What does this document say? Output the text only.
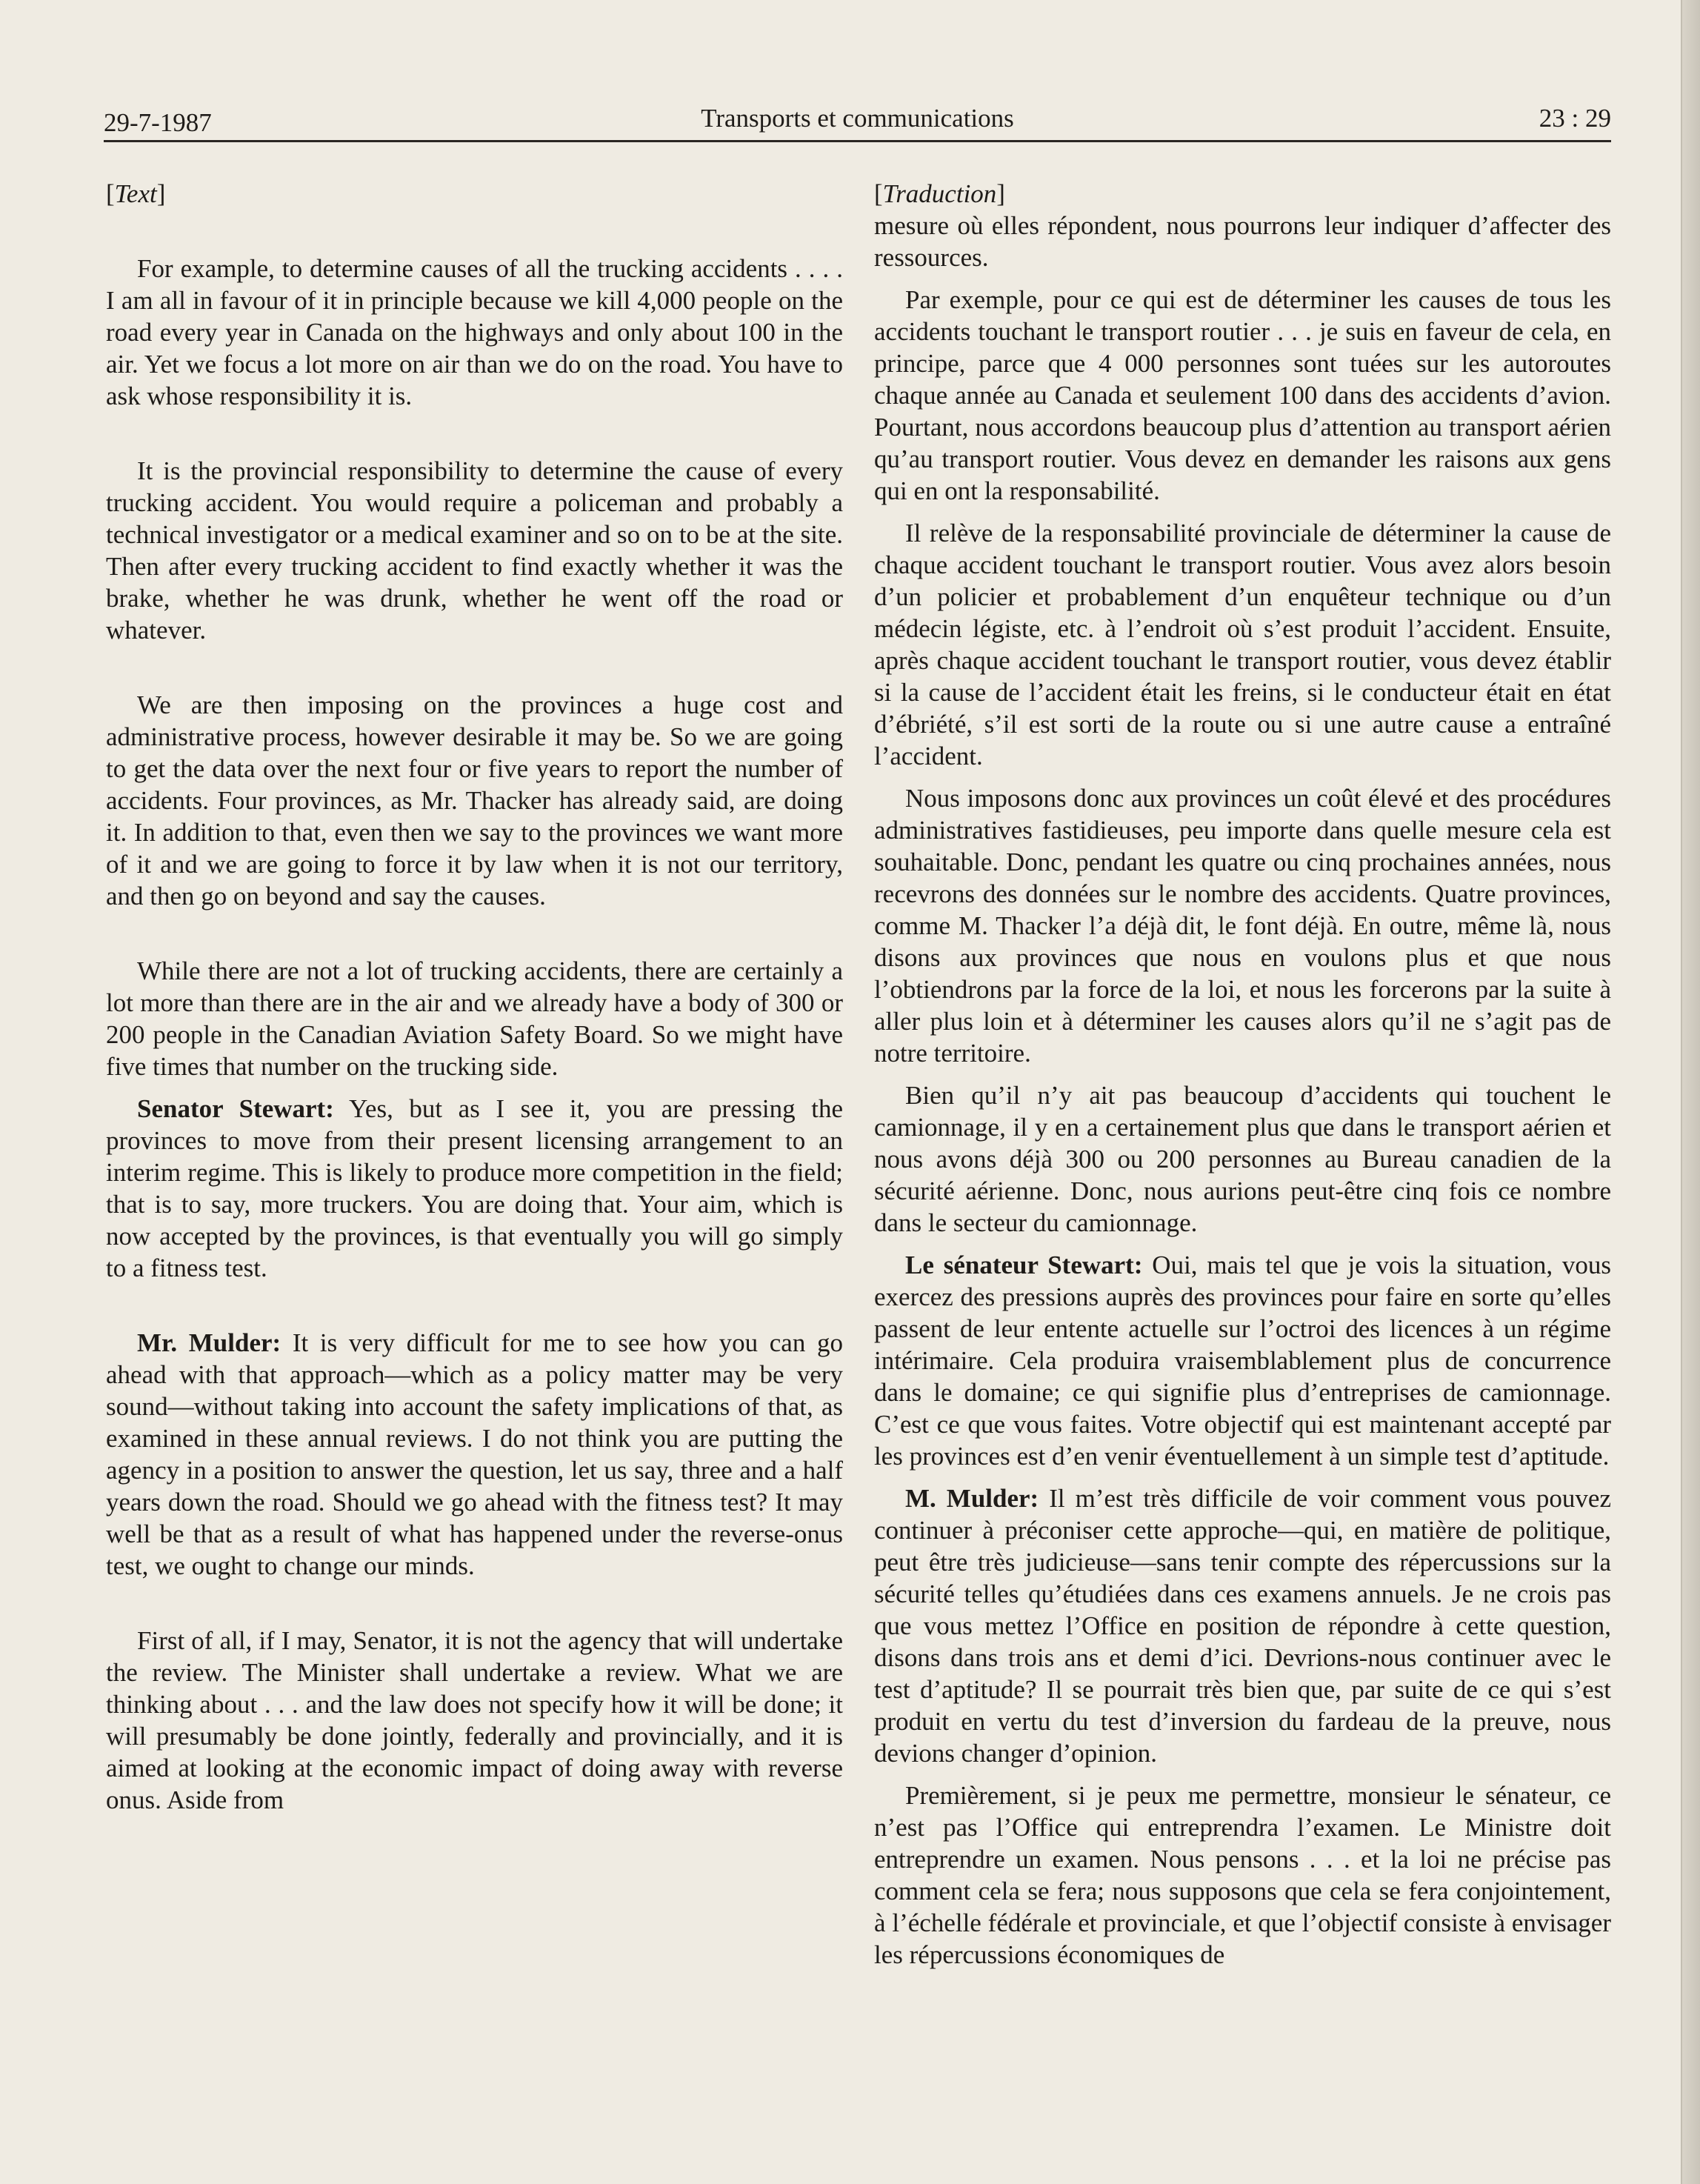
29-7-1987	Transports et communications	23 : 29
[Text]

For example, to determine causes of all the trucking accidents . . . . I am all in favour of it in principle because we kill 4,000 people on the road every year in Canada on the highways and only about 100 in the air. Yet we focus a lot more on air than we do on the road. You have to ask whose responsibility it is.

It is the provincial responsibility to determine the cause of every trucking accident. You would require a policeman and probably a technical investigator or a medical examiner and so on to be at the site. Then after every trucking accident to find exactly whether it was the brake, whether he was drunk, whether he went off the road or whatever.

We are then imposing on the provinces a huge cost and administrative process, however desirable it may be. So we are going to get the data over the next four or five years to report the number of accidents. Four provinces, as Mr. Thacker has already said, are doing it. In addition to that, even then we say to the provinces we want more of it and we are going to force it by law when it is not our territory, and then go on beyond and say the causes.

While there are not a lot of trucking accidents, there are certainly a lot more than there are in the air and we already have a body of 300 or 200 people in the Canadian Aviation Safety Board. So we might have five times that number on the trucking side.

Senator Stewart: Yes, but as I see it, you are pressing the provinces to move from their present licensing arrangement to an interim regime. This is likely to produce more competition in the field; that is to say, more truckers. You are doing that. Your aim, which is now accepted by the provinces, is that eventually you will go simply to a fitness test.

Mr. Mulder: It is very difficult for me to see how you can go ahead with that approach—which as a policy matter may be very sound—without taking into account the safety implications of that, as examined in these annual reviews. I do not think you are putting the agency in a position to answer the question, let us say, three and a half years down the road. Should we go ahead with the fitness test? It may well be that as a result of what has happened under the reverse-onus test, we ought to change our minds.

First of all, if I may, Senator, it is not the agency that will undertake the review. The Minister shall undertake a review. What we are thinking about . . . and the law does not specify how it will be done; it will presumably be done jointly, federally and provincially, and it is aimed at looking at the economic impact of doing away with reverse onus. Aside from

[Traduction]

mesure où elles répondent, nous pourrons leur indiquer d’affecter des ressources.

Par exemple, pour ce qui est de déterminer les causes de tous les accidents touchant le transport routier . . . je suis en faveur de cela, en principe, parce que 4 000 personnes sont tuées sur les autoroutes chaque année au Canada et seulement 100 dans des accidents d’avion. Pourtant, nous accordons beaucoup plus d’attention au transport aérien qu’au transport routier. Vous devez en demander les raisons aux gens qui en ont la responsabilité.

Il relève de la responsabilité provinciale de déterminer la cause de chaque accident touchant le transport routier. Vous avez alors besoin d’un policier et probablement d’un enquêteur technique ou d’un médecin légiste, etc. à l’endroit où s’est produit l’accident. Ensuite, après chaque accident touchant le transport routier, vous devez établir si la cause de l’accident était les freins, si le conducteur était en état d’ébriété, s’il est sorti de la route ou si une autre cause a entraîné l’accident.

Nous imposons donc aux provinces un coût élevé et des procédures administratives fastidieuses, peu importe dans quelle mesure cela est souhaitable. Donc, pendant les quatre ou cinq prochaines années, nous recevrons des données sur le nombre des accidents. Quatre provinces, comme M. Thacker l’a déjà dit, le font déjà. En outre, même là, nous disons aux provinces que nous en voulons plus et que nous l’obtiendrons par la force de la loi, et nous les forcerons par la suite à aller plus loin et à déterminer les causes alors qu’il ne s’agit pas de notre territoire.

Bien qu’il n’y ait pas beaucoup d’accidents qui touchent le camionnage, il y en a certainement plus que dans le transport aérien et nous avons déjà 300 ou 200 personnes au Bureau canadien de la sécurité aérienne. Donc, nous aurions peut-être cinq fois ce nombre dans le secteur du camionnage.

Le sénateur Stewart: Oui, mais tel que je vois la situation, vous exercez des pressions auprès des provinces pour faire en sorte qu’elles passent de leur entente actuelle sur l’octroi des licences à un régime intérimaire. Cela produira vraisemblablement plus de concurrence dans le domaine; ce qui signifie plus d’entreprises de camionnage. C’est ce que vous faites. Votre objectif qui est maintenant accepté par les provinces est d’en venir éventuellement à un simple test d’aptitude.

M. Mulder: Il m’est très difficile de voir comment vous pouvez continuer à préconiser cette approche—qui, en matière de politique, peut être très judicieuse—sans tenir compte des répercussions sur la sécurité telles qu’étudiées dans ces examens annuels. Je ne crois pas que vous mettez l’Office en position de répondre à cette question, disons dans trois ans et demi d’ici. Devrions-nous continuer avec le test d’aptitude? Il se pourrait très bien que, par suite de ce qui s’est produit en vertu du test d’inversion du fardeau de la preuve, nous devions changer d’opinion.

Premièrement, si je peux me permettre, monsieur le sénateur, ce n’est pas l’Office qui entreprendra l’examen. Le Ministre doit entreprendre un examen. Nous pensons . . . et la loi ne précise pas comment cela se fera; nous supposons que cela se fera conjointement, à l’échelle fédérale et provinciale, et que l’objectif consiste à envisager les répercussions économiques de
